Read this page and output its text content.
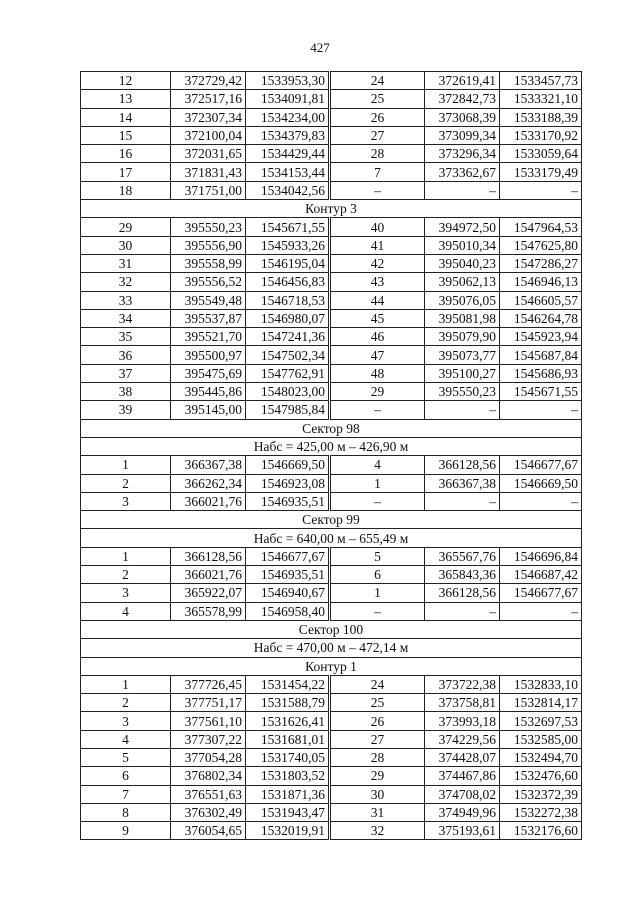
427
12	372729,42	1533953,30	24	372619,41	1533457,73
13	372517,16	1534091,81	25	372842,73	1533321,10
14	372307,34	1534234,00	26	373068,39	1533188,39
15	372100,04	1534379,83	27	373099,34	1533170,92
16	372031,65	1534429,44	28	373296,34	1533059,64
17	371831,43	1534153,44	7	373362,67	1533179,49
18	371751,00	1534042,56	–	–	–
Контур 3					
29	395550,23	1545671,55	40	394972,50	1547964,53
30	395556,90	1545933,26	41	395010,34	1547625,80
31	395558,99	1546195,04	42	395040,23	1547286,27
32	395556,52	1546456,83	43	395062,13	1546946,13
33	395549,48	1546718,53	44	395076,05	1546605,57
34	395537,87	1546980,07	45	395081,98	1546264,78
35	395521,70	1547241,36	46	395079,90	1545923,94
36	395500,97	1547502,34	47	395073,77	1545687,84
37	395475,69	1547762,91	48	395100,27	1545686,93
38	395445,86	1548023,00	29	395550,23	1545671,55
39	395145,00	1547985,84	–	–	–
Сектор 98					
Набс = 425,00 м – 426,90 м					
1	366367,38	1546669,50	4	366128,56	1546677,67
2	366262,34	1546923,08	1	366367,38	1546669,50
3	366021,76	1546935,51	–	–	–
Сектор 99					
Набс = 640,00 м – 655,49 м					
1	366128,56	1546677,67	5	365567,76	1546696,84
2	366021,76	1546935,51	6	365843,36	1546687,42
3	365922,07	1546940,67	1	366128,56	1546677,67
4	365578,99	1546958,40	–	–	–
Сектор 100					
Набс = 470,00 м – 472,14 м					
Контур 1					
1	377726,45	1531454,22	24	373722,38	1532833,10
2	377751,17	1531588,79	25	373758,81	1532814,17
3	377561,10	1531626,41	26	373993,18	1532697,53
4	377307,22	1531681,01	27	374229,56	1532585,00
5	377054,28	1531740,05	28	374428,07	1532494,70
6	376802,34	1531803,52	29	374467,86	1532476,60
7	376551,63	1531871,36	30	374708,02	1532372,39
8	376302,49	1531943,47	31	374949,96	1532272,38
9	376054,65	1532019,91	32	375193,61	1532176,60
